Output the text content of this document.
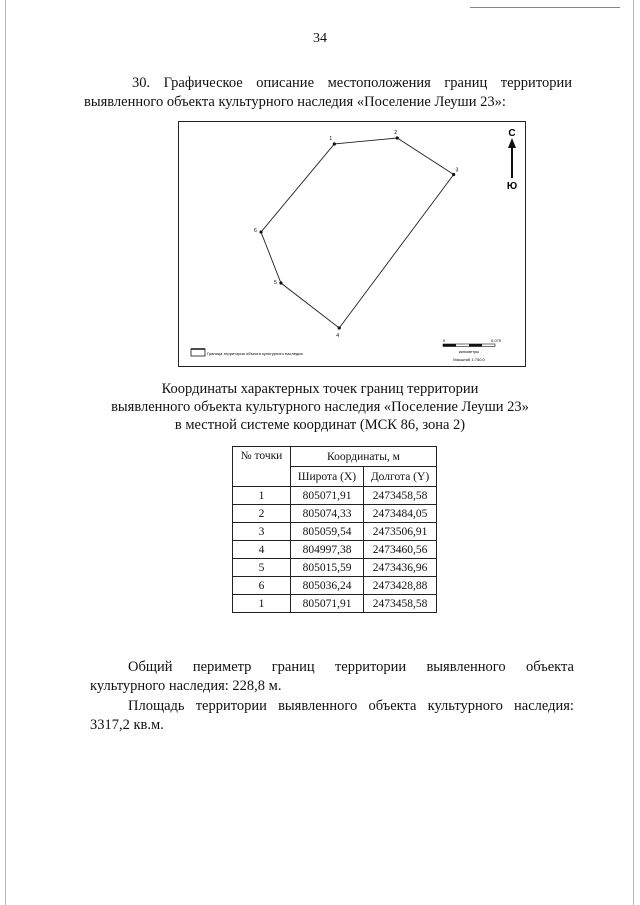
34
30. Графическое описание местоположения границ территории
выявленного объекта культурного наследия «Поселение Леуши 23»:
1
2
3
4
5
6
С
Ю
Граница территории объекта культурного наследия
0	0,075
километры
Масштаб 1:750,0
Координаты характерных точек границ территории
выявленного объекта культурного наследия «Поселение Леуши 23»
в местной системе координат (МСК 86, зона 2)
№ точки	Координаты, м	
	Широта (X)	Долгота (Y)
1	805071,91	2473458,58
2	805074,33	2473484,05
3	805059,54	2473506,91
4	804997,38	2473460,56
5	805015,59	2473436,96
6	805036,24	2473428,88
1	805071,91	2473458,58
Общий периметр границ территории выявленного объекта
культурного наследия: 228,8 м.
Площадь территории выявленного объекта культурного наследия:
3317,2 кв.м.
